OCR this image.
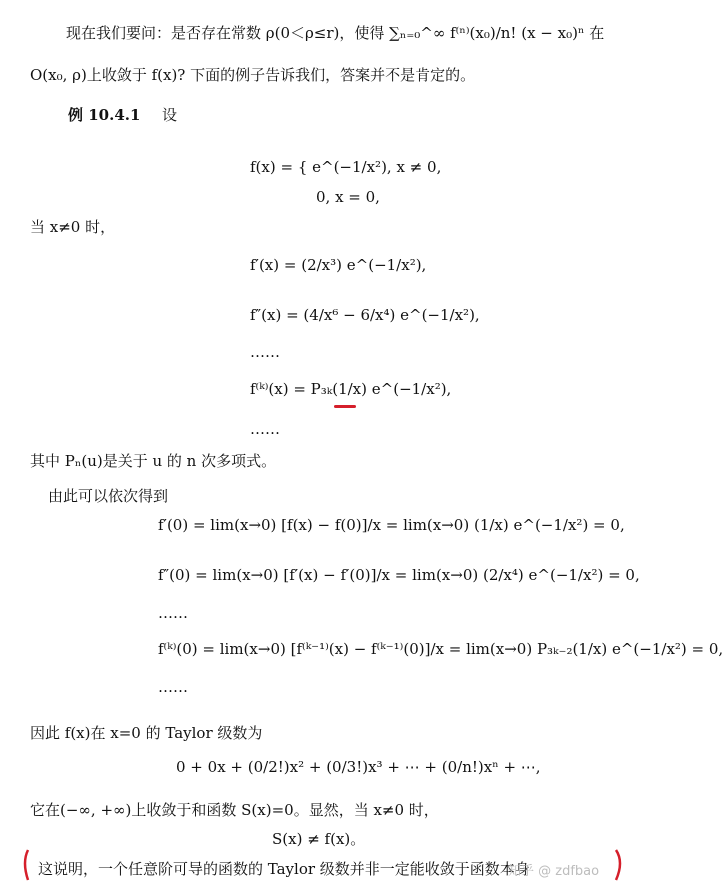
现在我们要问：是否存在常数 ρ(0＜ρ≤r)，使得 ∑ₙ₌₀^∞ f⁽ⁿ⁾(x₀)/n! (x − x₀)ⁿ 在
O(x₀, ρ)上收敛于 f(x)? 下面的例子告诉我们，答案并不是肯定的。
例 10.4.1 设
f(x) = { e^(−1/x²), x ≠ 0,
0, x = 0,
当 x≠0 时，
f′(x) = (2/x³) e^(−1/x²),
f″(x) = (4/x⁶ − 6/x⁴) e^(−1/x²),
……
f⁽ᵏ⁾(x) = P₃ₖ(1/x) e^(−1/x²),
……
其中 Pₙ(u)是关于 u 的 n 次多项式。
由此可以依次得到
f′(0) = lim(x→0) [f(x) − f(0)]/x = lim(x→0) (1/x) e^(−1/x²) = 0,
f″(0) = lim(x→0) [f′(x) − f′(0)]/x = lim(x→0) (2/x⁴) e^(−1/x²) = 0,
……
f⁽ᵏ⁾(0) = lim(x→0) [f⁽ᵏ⁻¹⁾(x) − f⁽ᵏ⁻¹⁾(0)]/x = lim(x→0) P₃ₖ₋₂(1/x) e^(−1/x²) = 0,
……
因此 f(x)在 x=0 的 Taylor 级数为
0 + 0x + (0/2!)x² + (0/3!)x³ + ⋯ + (0/n!)xⁿ + ⋯,
它在(−∞, +∞)上收敛于和函数 S(x)=0。显然，当 x≠0 时，
S(x) ≠ f(x)。
这说明，一个任意阶可导的函数的 Taylor 级数并非一定能收敛于函数本身
知乎 @ zdfbao
